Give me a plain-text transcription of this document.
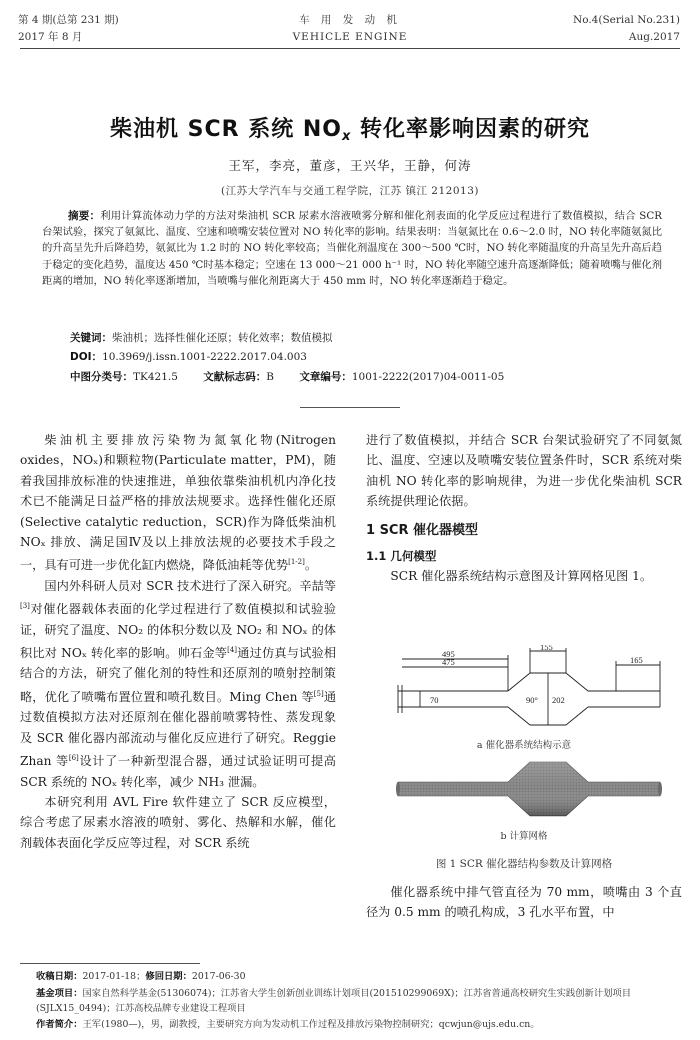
第 4 期(总第 231 期)
2017 年 8 月
车 用 发 动 机
VEHICLE ENGINE
No.4(Serial No.231)
Aug.2017
柴油机 SCR 系统 $NO_x$ 转化率影响因素的研究
王军，李亮，董彦，王兴华，王静，何涛
(江苏大学汽车与交通工程学院，江苏 镇江 212013)
摘要：利用计算流体动力学的方法对柴油机 SCR 尿素水溶液喷雾分解和催化剂表面的化学反应过程进行了数值模拟，结合 SCR 台架试验，探究了氨氮比、温度、空速和喷嘴安装位置对 NO 转化率的影响。结果表明：当氨氮比在 0.6～2.0 时，NO 转化率随氨氮比的升高呈先升后降趋势，氨氮比为 1.2 时的 NO 转化率较高；当催化剂温度在 300～500 ℃时，NO 转化率随温度的升高呈先升高后趋于稳定的变化趋势，温度达 450 ℃时基本稳定；空速在 13 000～21 000 h⁻¹ 时，NO 转化率随空速升高逐渐降低；随着喷嘴与催化剂距离的增加，NO 转化率逐渐增加，当喷嘴与催化剂距离大于 450 mm 时，NO 转化率逐渐趋于稳定。
关键词：柴油机；选择性催化还原；转化效率；数值模拟
DOI：10.3969/j.issn.1001-2222.2017.04.003
中图分类号：TK421.5 文献标志码：B 文章编号：1001-2222(2017)04-0011-05

柴油机主要排放污染物为氮氧化物(Nitrogen oxides，NOₓ)和颗粒物(Particulate matter，PM)，随着我国排放标准的快速推进，单独依靠柴油机机内净化技术已不能满足日益严格的排放法规要求。选择性催化还原(Selective catalytic reduction，SCR)作为降低柴油机 NOₓ 排放、满足国Ⅳ及以上排放法规的必要技术手段之一，具有可进一步优化缸内燃烧，降低油耗等优势[1-2]。

国内外科研人员对 SCR 技术进行了深入研究。辛喆等[3]对催化器载体表面的化学过程进行了数值模拟和试验验证，研究了温度、NO₂ 的体积分数以及 NO₂ 和 NOₓ 的体积比对 NOₓ 转化率的影响。帅石金等[4]通过仿真与试验相结合的方法，研究了催化剂的特性和还原剂的喷射控制策略，优化了喷嘴布置位置和喷孔数目。Ming Chen 等[5]通过数值模拟方法对还原剂在催化器前喷雾特性、蒸发现象及 SCR 催化器内部流动与催化反应进行了研究。Reggie Zhan 等[6]设计了一种新型混合器，通过试验证明可提高 SCR 系统的 NOₓ 转化率，减少 NH₃ 泄漏。

本研究利用 AVL Fire 软件建立了 SCR 反应模型，综合考虑了尿素水溶液的喷射、雾化、热解和水解，催化剂载体表面化学反应等过程，对 SCR 系统

进行了数值模拟，并结合 SCR 台架试验研究了不同氨氮比、温度、空速以及喷嘴安装位置条件时，SCR 系统对柴油机 NO 转化率的影响规律，为进一步优化柴油机 SCR 系统提供理论依据。

1 SCR 催化器模型
1.1 几何模型

SCR 催化器系统结构示意图及计算网格见图 1。

495
475
155
165
70	90° 202
a 催化器系统结构示意
b 计算网格
图 1 SCR 催化器结构参数及计算网格

催化器系统中排气管直径为 70 mm，喷嘴由 3 个直径为 0.5 mm 的喷孔构成，3 孔水平布置，中

收稿日期：2017-01-18；修回日期：2017-06-30
基金项目：国家自然科学基金(51306074)；江苏省大学生创新创业训练计划项目(201510299069X)；江苏省普通高校研究生实践创新计划项目(SJLX15_0494)；江苏高校品牌专业建设工程项目
作者简介：王军(1980—)，男，副教授，主要研究方向为发动机工作过程及排放污染物控制研究；qcwjun@ujs.edu.cn。
